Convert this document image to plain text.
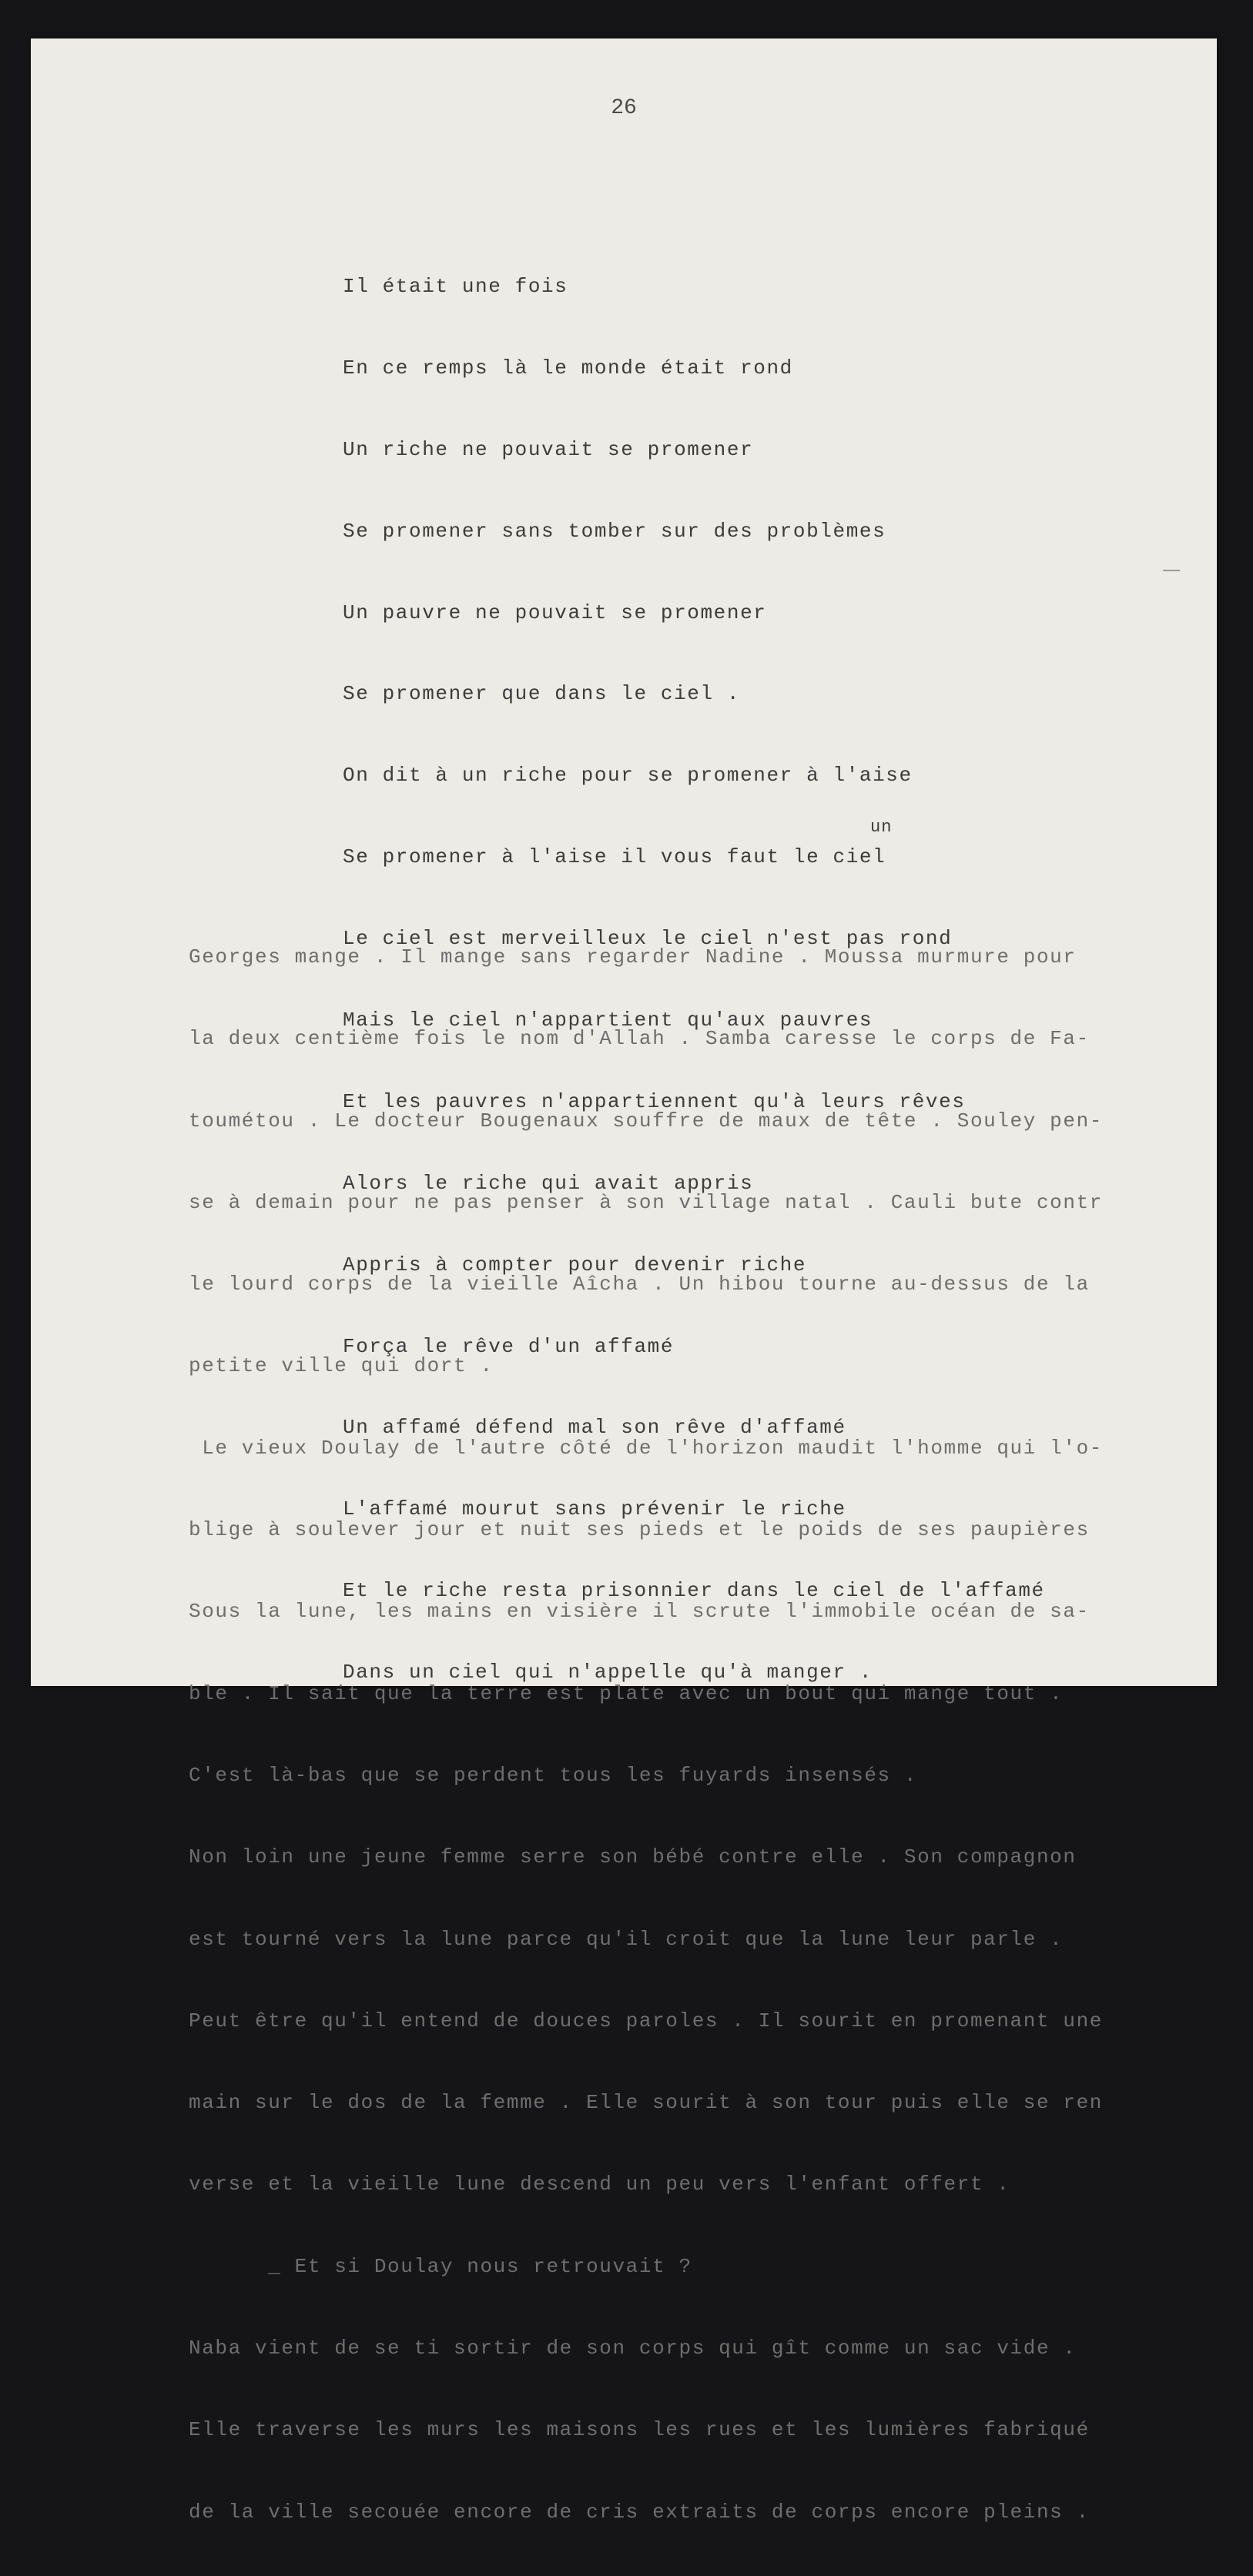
26

Il était une fois

En ce remps là le monde était rond

Un riche ne pouvait se promener

Se promener sans tomber sur des problèmes

Un pauvre ne pouvait se promener

Se promener que dans le ciel .

On dit à un riche pour se promener à l'aise

Se promener à l'aise il vous faut le ciel

Le ciel est merveilleux le ciel n'est pas rond

Mais le ciel n'appartient qu'aux pauvres

Et les pauvres n'appartiennent qu'à leurs rêves

Alors le riche qui avait appris

Appris à compter pour devenir riche

Força le rêve d'un affamé

Un affamé défend mal son rêve d'affamé

L'affamé mourut sans prévenir le riche

Et le riche resta prisonnier dans le ciel de l'affamé

Dans un ciel qui n'appelle qu'à manger .

un

Georges mange . Il mange sans regarder Nadine . Moussa murmure pour

la deux centième fois le nom d'Allah . Samba caresse le corps de Fa-

toumétou . Le docteur Bougenaux souffre de maux de tête . Souley pen-

se à demain pour ne pas penser à son village natal . Cauli bute contr

le lourd corps de la vieille Aîcha . Un hibou tourne au-dessus de la

petite ville qui dort .

Le vieux Doulay de l'autre côté de l'horizon maudit l'homme qui l'o-

blige à soulever jour et nuit ses pieds et le poids de ses paupières

Sous la lune, les mains en visière il scrute l'immobile océan de sa-

ble . Il sait que la terre est plate avec un bout qui mange tout .

C'est là-bas que se perdent tous les fuyards insensés .

Non loin une jeune femme serre son bébé contre elle . Son compagnon

est tourné vers la lune parce qu'il croit que la lune leur parle .

Peut être qu'il entend de douces paroles . Il sourit en promenant une

main sur le dos de la femme . Elle sourit à son tour puis elle se ren

verse et la vieille lune descend un peu vers l'enfant offert .

_ Et si Doulay nous retrouvait ?

Naba vient de se ti sortir de son corps qui gît comme un sac vide .

Elle traverse les murs les maisons les rues et les lumières fabriqué

de la ville secouée encore de cris extraits de corps encore pleins .
